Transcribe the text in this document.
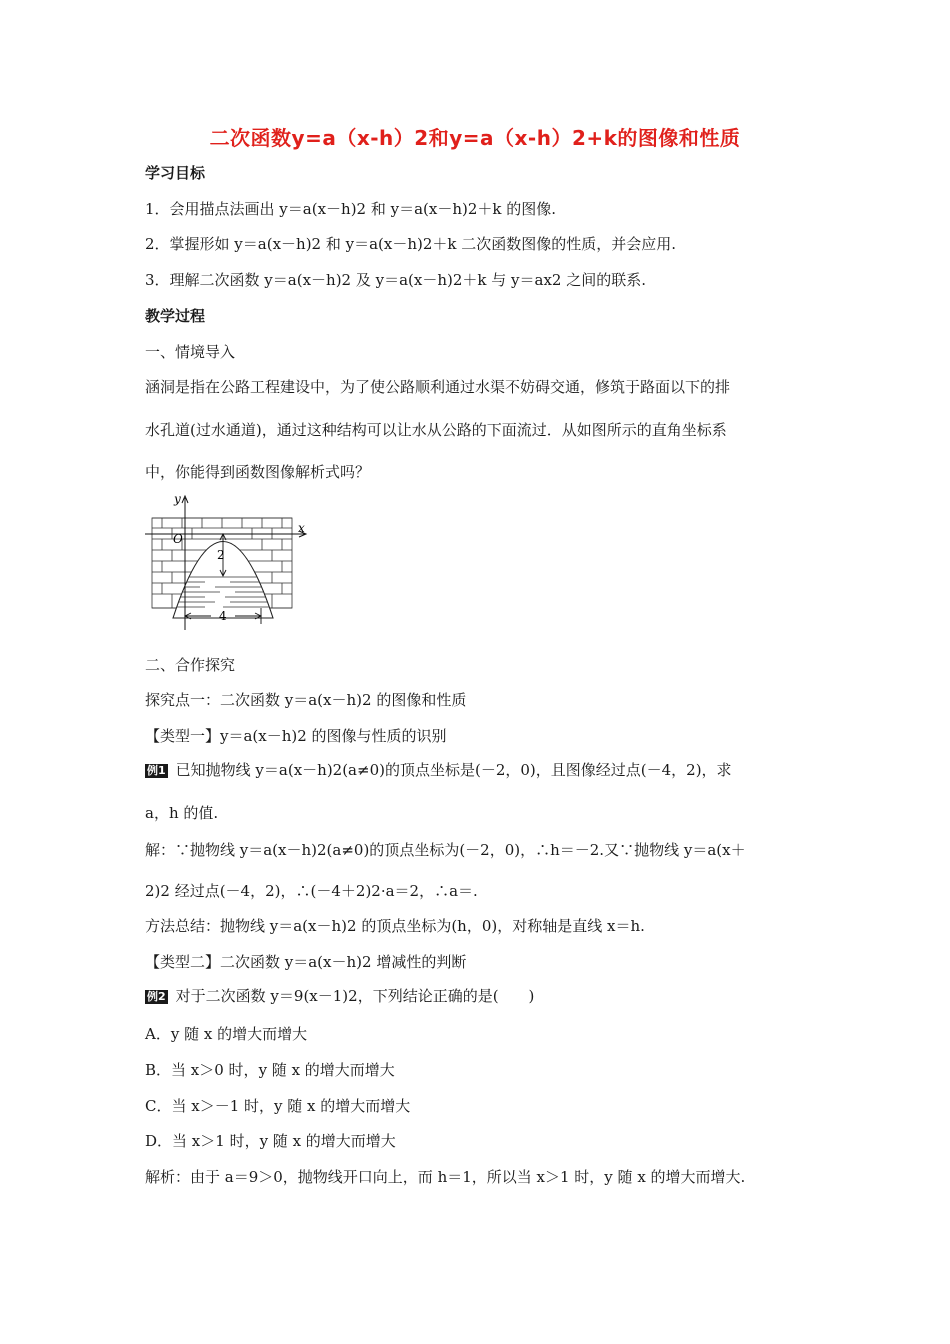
二次函数y=a（x-h）2和y=a（x-h）2+k的图像和性质
学习目标
1．会用描点法画出 y＝a(x－h)2 和 y＝a(x－h)2＋k 的图像.
2．掌握形如 y＝a(x－h)2 和 y＝a(x－h)2＋k 二次函数图像的性质，并会应用.
3．理解二次函数 y＝a(x－h)2 及 y＝a(x－h)2＋k 与 y＝ax2 之间的联系.
教学过程
一、情境导入
涵洞是指在公路工程建设中，为了使公路顺利通过水渠不妨碍交通，修筑于路面以下的排
水孔道(过水通道)，通过这种结构可以让水从公路的下面流过．从如图所示的直角坐标系
中，你能得到函数图像解析式吗？
y
x
O
2
4
二、合作探究
探究点一：二次函数 y＝a(x－h)2 的图像和性质
【类型一】y＝a(x－h)2 的图像与性质的识别
例1 已知抛物线 y＝a(x－h)2(a≠0)的顶点坐标是(－2，0)，且图像经过点(－4，2)，求
a，h 的值.
解：∵抛物线 y＝a(x－h)2(a≠0)的顶点坐标为(－2，0)，∴h＝－2.又∵抛物线 y＝a(x＋
2)2 经过点(－4，2)，∴(－4＋2)2·a＝2，∴a＝.
方法总结：抛物线 y＝a(x－h)2 的顶点坐标为(h，0)，对称轴是直线 x＝h.
【类型二】二次函数 y＝a(x－h)2 增减性的判断
例2 对于二次函数 y＝9(x－1)2，下列结论正确的是(　　)
A．y 随 x 的增大而增大
B．当 x＞0 时，y 随 x 的增大而增大
C．当 x＞－1 时，y 随 x 的增大而增大
D．当 x＞1 时，y 随 x 的增大而增大
解析：由于 a＝9＞0，抛物线开口向上，而 h＝1，所以当 x＞1 时，y 随 x 的增大而增大.
